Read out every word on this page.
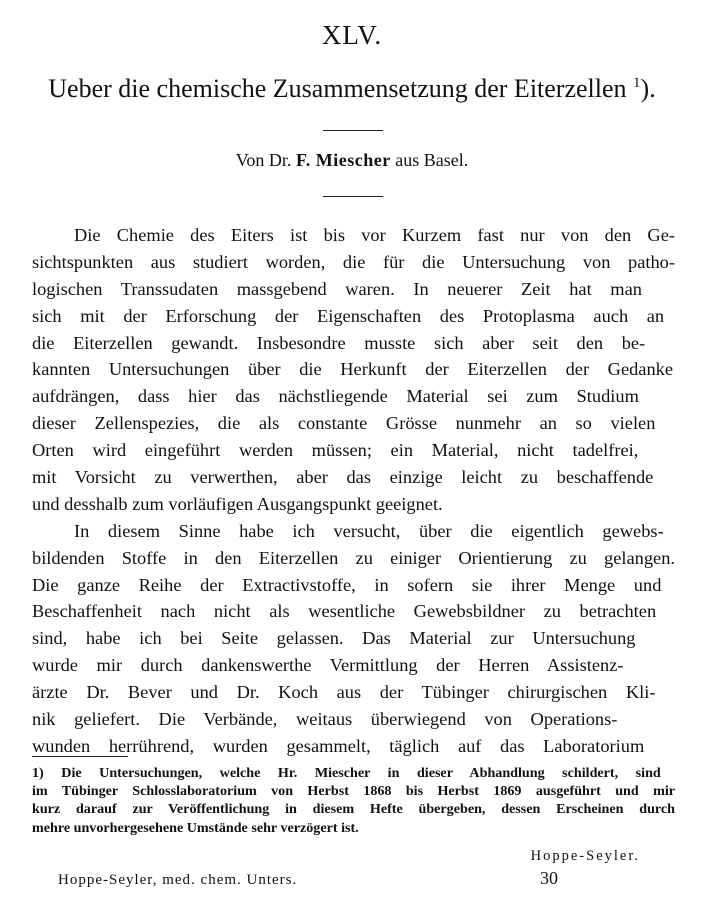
XLV.
Ueber die chemische Zusammensetzung der Eiterzellen $^1$).
Von Dr. F. Miescher aus Basel.
Die Chemie des Eiters ist bis vor Kurzem fast nur von den Ge-
sichtspunkten aus studiert worden, die für die Untersuchung von patho-
logischen Transsudaten massgebend waren. In neuerer Zeit hat man
sich mit der Erforschung der Eigenschaften des Protoplasma auch an
die Eiterzellen gewandt. Insbesondre musste sich aber seit den be-
kannten Untersuchungen über die Herkunft der Eiterzellen der Gedanke
aufdrängen, dass hier das nächstliegende Material sei zum Studium
dieser Zellenspezies, die als constante Grösse nunmehr an so vielen
Orten wird eingeführt werden müssen; ein Material, nicht tadelfrei,
mit Vorsicht zu verwerthen, aber das einzige leicht zu beschaffende
und desshalb zum vorläufigen Ausgangspunkt geeignet.
In diesem Sinne habe ich versucht, über die eigentlich gewebs-
bildenden Stoffe in den Eiterzellen zu einiger Orientierung zu gelangen.
Die ganze Reihe der Extractivstoffe, in sofern sie ihrer Menge und
Beschaffenheit nach nicht als wesentliche Gewebsbildner zu betrachten
sind, habe ich bei Seite gelassen. Das Material zur Untersuchung
wurde mir durch dankenswerthe Vermittlung der Herren Assistenz-
ärzte Dr. Bever und Dr. Koch aus der Tübinger chirurgischen Kli-
nik geliefert. Die Verbände, weitaus überwiegend von Operations-
wunden herrührend, wurden gesammelt, täglich auf das Laboratorium
1) Die Untersuchungen, welche Hr. Miescher in dieser Abhandlung schildert, sind
im Tübinger Schlosslaboratorium von Herbst 1868 bis Herbst 1869 ausgeführt und mir
kurz darauf zur Veröffentlichung in diesem Hefte übergeben, dessen Erscheinen durch
mehre unvorhergesehene Umstände sehr verzögert ist.
Hoppe-Seyler.
Hoppe-Seyler, med. chem. Unters.	30
